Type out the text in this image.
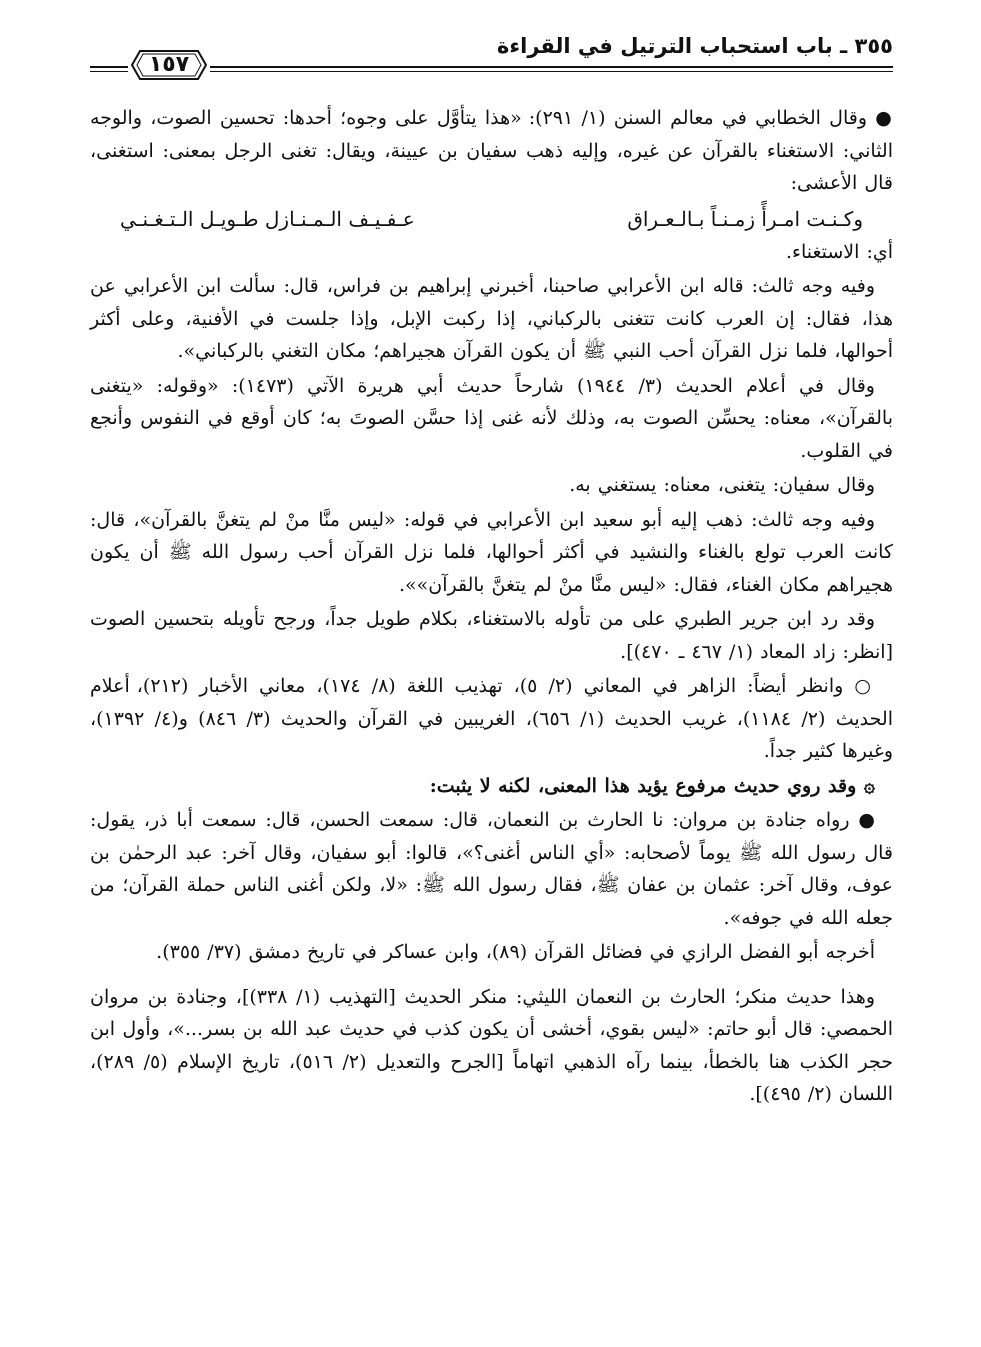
٣٥٥ ـ باب استحباب الترتيل في القراءة
١٥٧

● وقال الخطابي في معالم السنن (١/ ٢٩١): «هذا يتأوَّل على وجوه؛ أحدها: تحسين الصوت، والوجه الثاني: الاستغناء بالقرآن عن غيره، وإليه ذهب سفيان بن عيينة، ويقال: تغنى الرجل بمعنى: استغنى، قال الأعشى:

وكـنـت امـرأً زمـنـاً بـالـعـراق
عـفـيـف الـمـنـازل طـويـل الـتـغـنـي

أي: الاستغناء.

وفيه وجه ثالث: قاله ابن الأعرابي صاحبنا، أخبرني إبراهيم بن فراس، قال: سألت ابن الأعرابي عن هذا، فقال: إن العرب كانت تتغنى بالركباني، إذا ركبت الإبل، وإذا جلست في الأفنية، وعلى أكثر أحوالها، فلما نزل القرآن أحب النبي ﷺ أن يكون القرآن هجيراهم؛ مكان التغني بالركباني».

وقال في أعلام الحديث (٣/ ١٩٤٤) شارحاً حديث أبي هريرة الآتي (١٤٧٣): «وقوله: «يتغنى بالقرآن»، معناه: يحسِّن الصوت به، وذلك لأنه غنى إذا حسَّن الصوتَ به؛ كان أوقع في النفوس وأنجع في القلوب.

وقال سفيان: يتغنى، معناه: يستغني به.

وفيه وجه ثالث: ذهب إليه أبو سعيد ابن الأعرابي في قوله: «ليس منَّا منْ لم يتغنَّ بالقرآن»، قال: كانت العرب تولع بالغناء والنشيد في أكثر أحوالها، فلما نزل القرآن أحب رسول الله ﷺ أن يكون هجيراهم مكان الغناء، فقال: «ليس منَّا منْ لم يتغنَّ بالقرآن»».

وقد رد ابن جرير الطبري على من تأوله بالاستغناء، بكلام طويل جداً، ورجح تأويله بتحسين الصوت [انظر: زاد المعاد (١/ ٤٦٧ ـ ٤٧٠)].

○ وانظر أيضاً: الزاهر في المعاني (٢/ ٥)، تهذيب اللغة (٨/ ١٧٤)، معاني الأخبار (٢١٢)، أعلام الحديث (٢/ ١١٨٤)، غريب الحديث (١/ ٦٥٦)، الغريبين في القرآن والحديث (٣/ ٨٤٦) و(٤/ ١٣٩٢)، وغيرها كثير جداً.

۞ وقد روي حديث مرفوع يؤيد هذا المعنى، لكنه لا يثبت:

● رواه جنادة بن مروان: نا الحارث بن النعمان، قال: سمعت الحسن، قال: سمعت أبا ذر، يقول: قال رسول الله ﷺ يوماً لأصحابه: «أي الناس أغنى؟»، قالوا: أبو سفيان، وقال آخر: عبد الرحمٰن بن عوف، وقال آخر: عثمان بن عفان ﷺ، فقال رسول الله ﷺ: «لا، ولكن أغنى الناس حملة القرآن؛ من جعله الله في جوفه».

أخرجه أبو الفضل الرازي في فضائل القرآن (٨٩)، وابن عساكر في تاريخ دمشق (٣٧/ ٣٥٥).

وهذا حديث منكر؛ الحارث بن النعمان الليثي: منكر الحديث [التهذيب (١/ ٣٣٨)]، وجنادة بن مروان الحمصي: قال أبو حاتم: «ليس بقوي، أخشى أن يكون كذب في حديث عبد الله بن بسر...»، وأول ابن حجر الكذب هنا بالخطأ، بينما رآه الذهبي اتهاماً [الجرح والتعديل (٢/ ٥١٦)، تاريخ الإسلام (٥/ ٢٨٩)، اللسان (٢/ ٤٩٥)].
